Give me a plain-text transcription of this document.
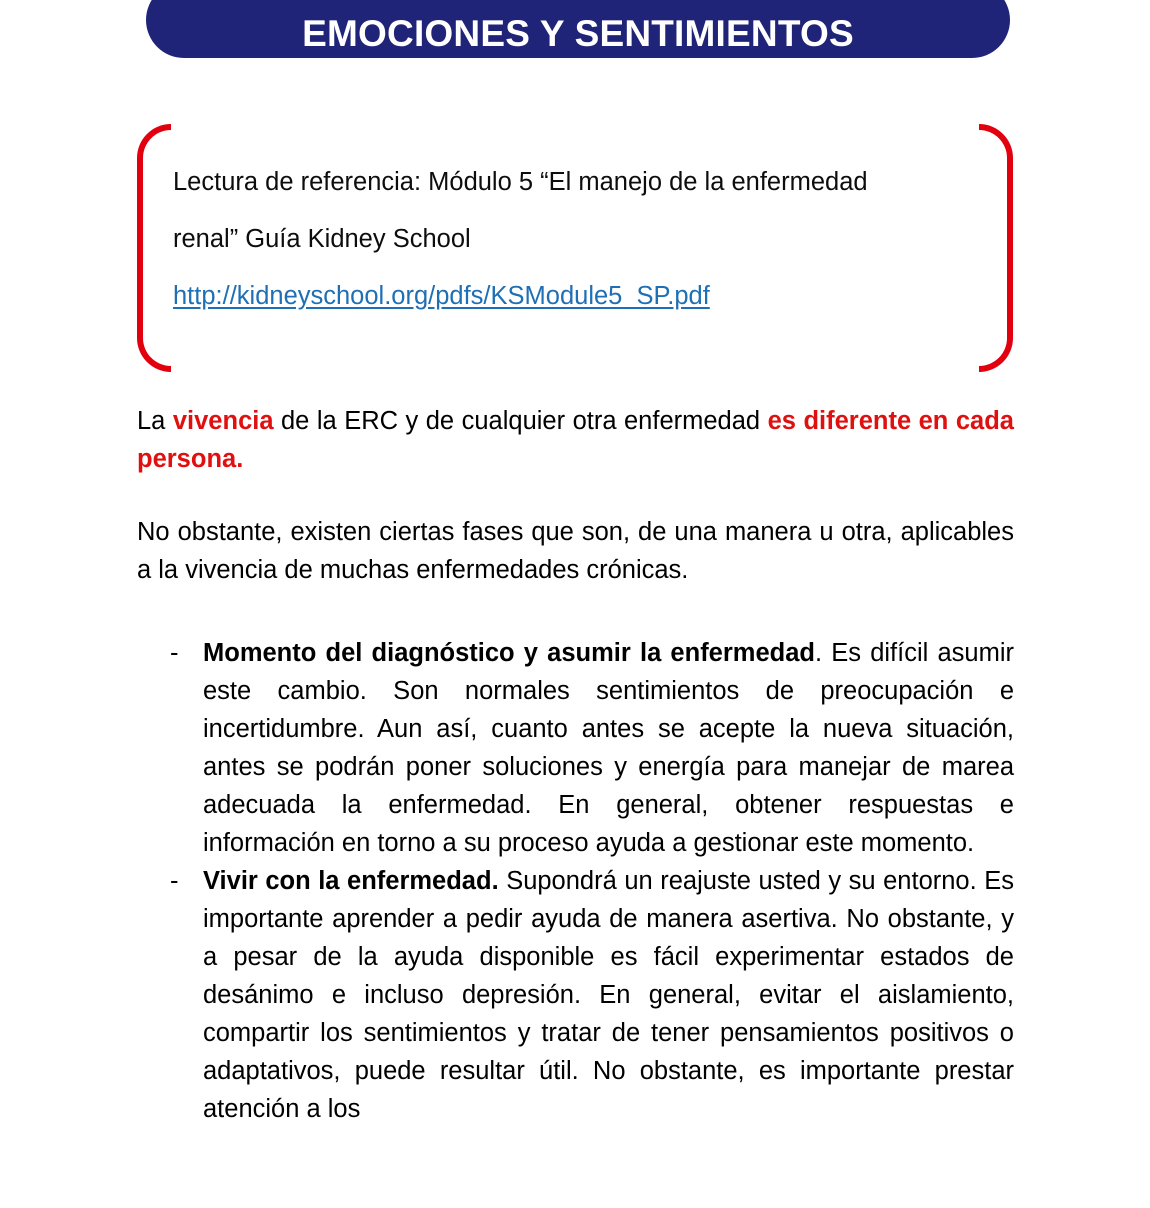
EMOCIONES Y SENTIMIENTOS
Lectura de referencia: Módulo 5 “El manejo de la enfermedad
renal” Guía Kidney School
http://kidneyschool.org/pdfs/KSModule5_SP.pdf

La vivencia de la ERC y de cualquier otra enfermedad es diferente en cada persona.

No obstante, existen ciertas fases que son, de una manera u otra, aplicables a la vivencia de muchas enfermedades crónicas.

- Momento del diagnóstico y asumir la enfermedad. Es difícil asumir este cambio. Son normales sentimientos de preocupación e incertidumbre. Aun así, cuanto antes se acepte la nueva situación, antes se podrán poner soluciones y energía para manejar de marea adecuada la enfermedad. En general, obtener respuestas e información en torno a su proceso ayuda a gestionar este momento.
- Vivir con la enfermedad. Supondrá un reajuste usted y su entorno. Es importante aprender a pedir ayuda de manera asertiva. No obstante, y a pesar de la ayuda disponible es fácil experimentar estados de desánimo e incluso depresión. En general, evitar el aislamiento, compartir los sentimientos y tratar de tener pensamientos positivos o adaptativos, puede resultar útil. No obstante, es importante prestar atención a los
